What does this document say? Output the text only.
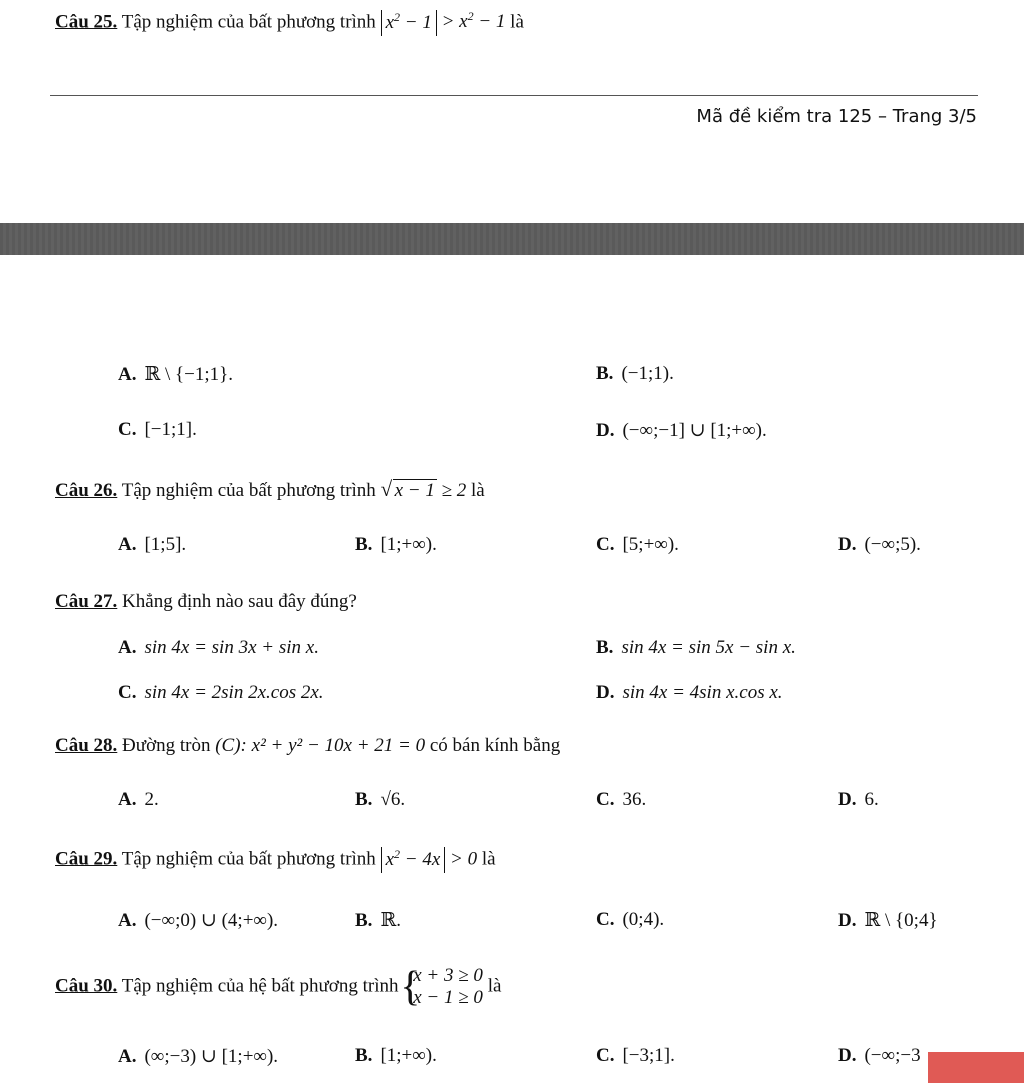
Câu 25. Tập nghiệm của bất phương trình $x^2 - 1 > x^2 - 1$ là
Mã đề kiểm tra 125 – Trang 3/5
A. ℝ \ {−1;1}.	B. (−1;1).
C. [−1;1].	D. (−∞;−1] ∪ [1;+∞).
Câu 26. Tập nghiệm của bất phương trình √ x − 1 ≥ 2 là
A. [1;5].	B. [1;+∞).	C. [5;+∞).	D. (−∞;5).
Câu 27. Khẳng định nào sau đây đúng?
A. sin 4x = sin 3x + sin x.	B. sin 4x = sin 5x − sin x.
C. sin 4x = 2sin 2x.cos 2x.	D. sin 4x = 4sin x.cos x.
Câu 28. Đường tròn (C): x² + y² − 10x + 21 = 0 có bán kính bằng
A. 2.	B. √6.	C. 36.	D. 6.
Câu 29. Tập nghiệm của bất phương trình $x^2 - 4x > 0$ là
A. (−∞;0) ∪ (4;+∞).	B. ℝ.	C. (0;4).	D. ℝ \ {0;4}
Câu 30. Tập nghiệm của hệ bất phương trình { x + 3 ≥ 0
x − 1 ≥ 0
là
A. (∞;−3) ∪ [1;+∞).	B. [1;+∞).	C. [−3;1].	D. (−∞;−3
